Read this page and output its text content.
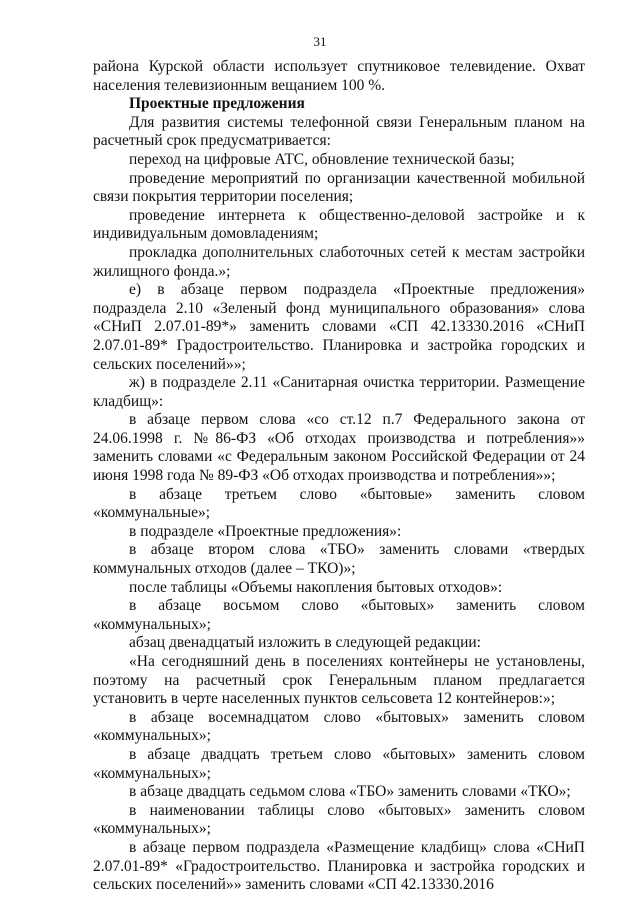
31

района Курской области использует спутниковое телевидение. Охват населения телевизионным вещанием 100 %.

Проектные предложения

Для развития системы телефонной связи Генеральным планом на расчетный срок предусматривается:

переход на цифровые АТС, обновление технической базы;

проведение мероприятий по организации качественной мобильной связи покрытия территории поселения;

проведение интернета к общественно-деловой застройке и к индивидуальным домовладениям;

прокладка дополнительных слаботочных сетей к местам застройки жилищного фонда.»;

е) в абзаце первом подраздела «Проектные предложения» подраздела 2.10 «Зеленый фонд муниципального образования» слова «СНиП 2.07.01-89*» заменить словами «СП 42.13330.2016 «СНиП 2.07.01-89* Градостроительство. Планировка и застройка городских и сельских поселений»»;

ж) в подразделе 2.11 «Санитарная очистка территории. Размещение кладбищ»:

в абзаце первом слова «со ст.12 п.7 Федерального закона от 24.06.1998 г. №86-ФЗ «Об отходах производства и потребления»» заменить словами «с Федеральным законом Российской Федерации от 24 июня 1998 года № 89-ФЗ «Об отходах производства и потребления»»;

в абзаце третьем слово «бытовые» заменить словом «коммунальные»;

в подразделе «Проектные предложения»:

в абзаце втором слова «ТБО» заменить словами «твердых коммунальных отходов (далее – ТКО)»;

после таблицы «Объемы накопления бытовых отходов»:

в абзаце восьмом слово «бытовых» заменить словом «коммунальных»;

абзац двенадцатый изложить в следующей редакции:

«На сегодняшний день в поселениях контейнеры не установлены, поэтому на расчетный срок Генеральным планом предлагается установить в черте населенных пунктов сельсовета 12 контейнеров:»;

в абзаце восемнадцатом слово «бытовых» заменить словом «коммунальных»;

в абзаце двадцать третьем слово «бытовых» заменить словом «коммунальных»;

в абзаце двадцать седьмом слова «ТБО» заменить словами «ТКО»;

в наименовании таблицы слово «бытовых» заменить словом «коммунальных»;

в абзаце первом подраздела «Размещение кладбищ» слова «СНиП 2.07.01-89* «Градостроительство. Планировка и застройка городских и сельских поселений»» заменить словами «СП 42.13330.2016
